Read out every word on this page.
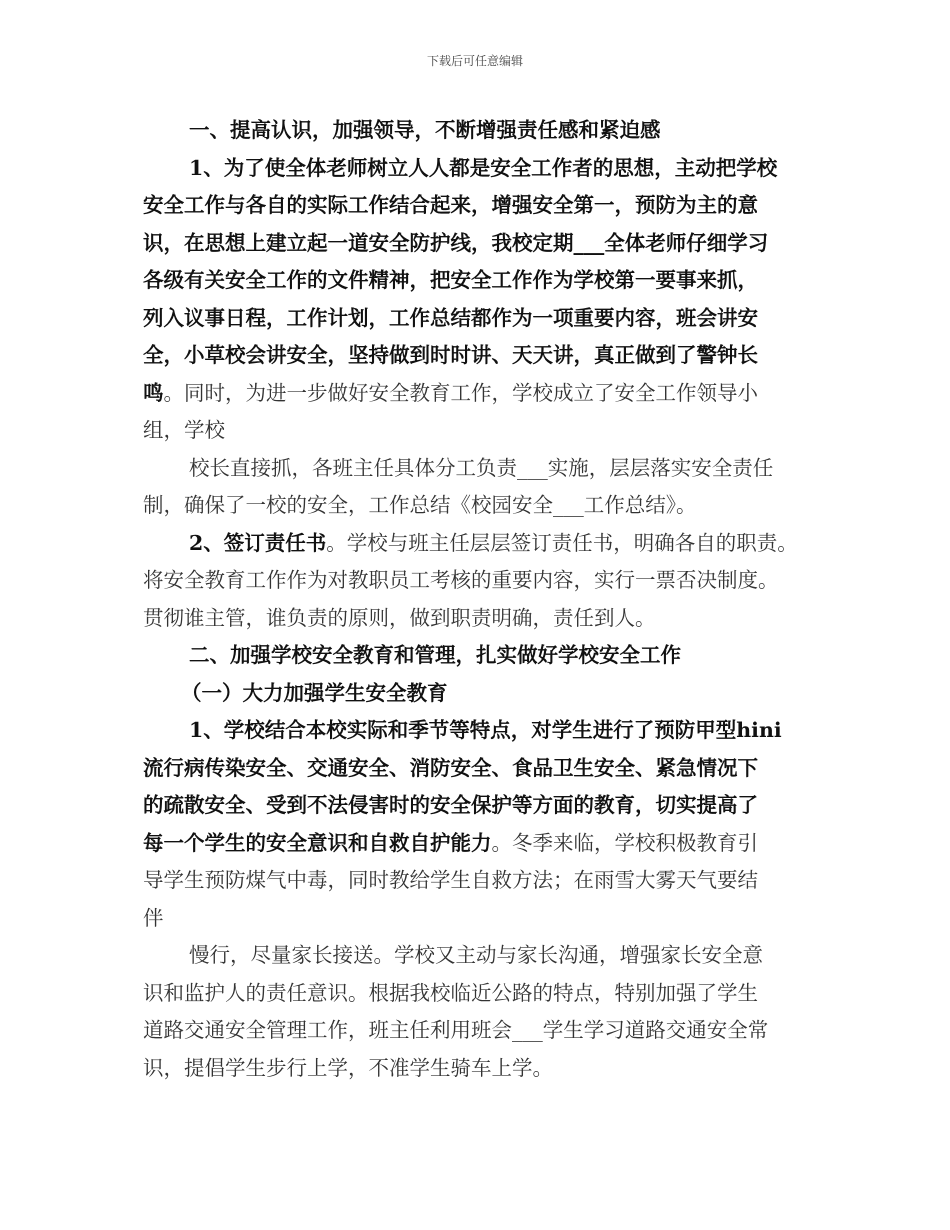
下载后可任意编辑
一、提高认识，加强领导，不断增强责任感和紧迫感
1、为了使全体老师树立人人都是安全工作者的思想，主动把学校
安全工作与各自的实际工作结合起来，增强安全第一，预防为主的意
识，在思想上建立起一道安全防护线，我校定期___全体老师仔细学习
各级有关安全工作的文件精神，把安全工作作为学校第一要事来抓，
列入议事日程，工作计划，工作总结都作为一项重要内容，班会讲安
全，小草校会讲安全，坚持做到时时讲、天天讲，真正做到了警钟长
鸣。同时，为进一步做好安全教育工作，学校成立了安全工作领导小
组，学校
校长直接抓，各班主任具体分工负责___实施，层层落实安全责任
制，确保了一校的安全，工作总结《校园安全___工作总结》。
2、签订责任书。学校与班主任层层签订责任书，明确各自的职责。
将安全教育工作作为对教职员工考核的重要内容，实行一票否决制度。
贯彻谁主管，谁负责的原则，做到职责明确，责任到人。
二、加强学校安全教育和管理，扎实做好学校安全工作
（一）大力加强学生安全教育
1、学校结合本校实际和季节等特点，对学生进行了预防甲型hini
流行病传染安全、交通安全、消防安全、食品卫生安全、紧急情况下
的疏散安全、受到不法侵害时的安全保护等方面的教育，切实提高了
每一个学生的安全意识和自救自护能力。冬季来临，学校积极教育引
导学生预防煤气中毒，同时教给学生自救方法；在雨雪大雾天气要结
伴
慢行，尽量家长接送。学校又主动与家长沟通，增强家长安全意
识和监护人的责任意识。根据我校临近公路的特点，特别加强了学生
道路交通安全管理工作，班主任利用班会___学生学习道路交通安全常
识，提倡学生步行上学，不准学生骑车上学。
